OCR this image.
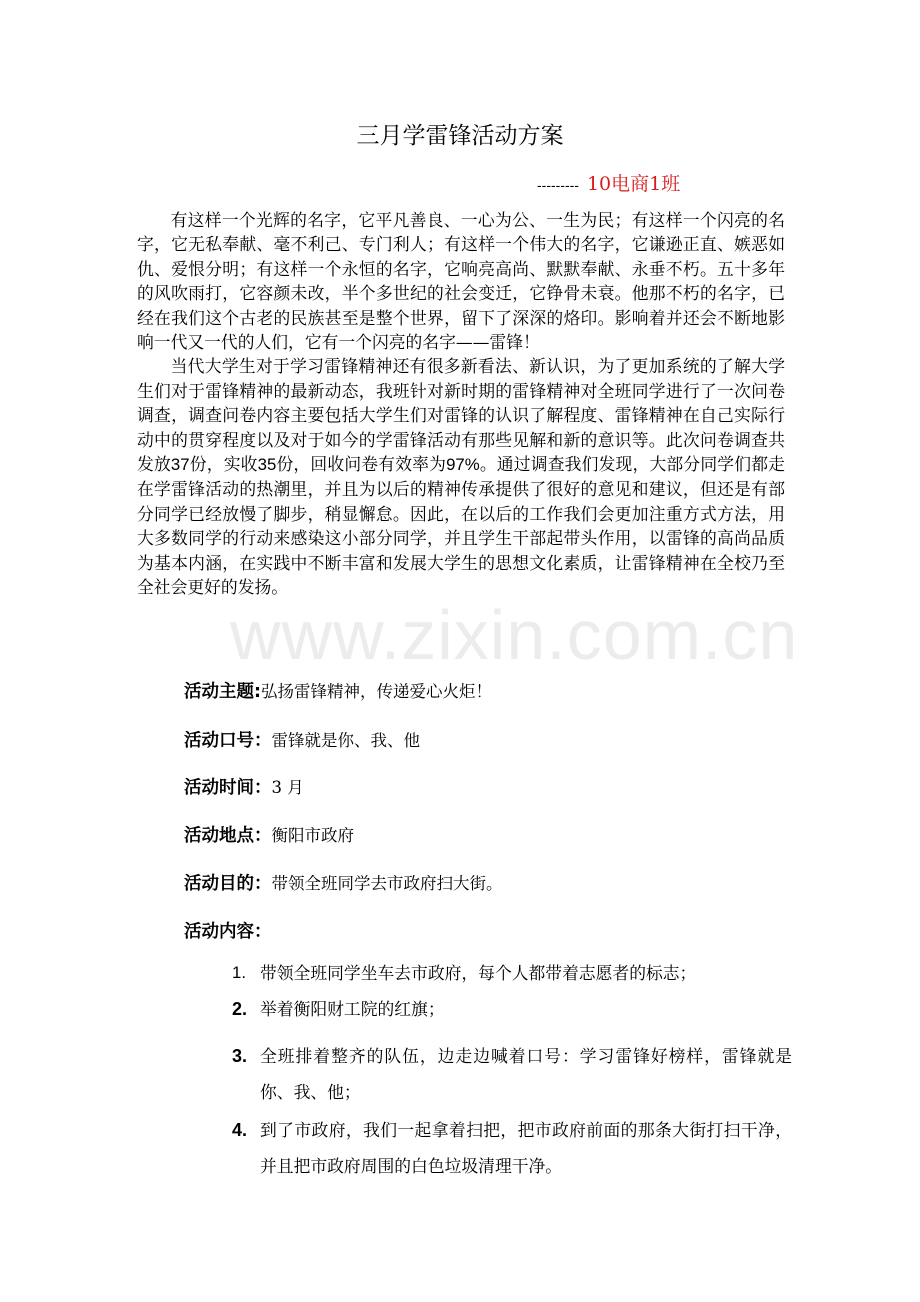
www.zixin.com.cn
三月学雷锋活动方案
--------- 10电商1班

有这样一个光辉的名字，它平凡善良、一心为公、一生为民；有这样一个闪亮的名字，它无私奉献、毫不利己、专门利人；有这样一个伟大的名字，它谦逊正直、嫉恶如仇、爱恨分明；有这样一个永恒的名字，它响亮高尚、默默奉献、永垂不朽。五十多年的风吹雨打，它容颜未改，半个多世纪的社会变迁，它铮骨未衰。他那不朽的名字，已经在我们这个古老的民族甚至是整个世界，留下了深深的烙印。影响着并还会不断地影响一代又一代的人们，它有一个闪亮的名字——雷锋！

当代大学生对于学习雷锋精神还有很多新看法、新认识，为了更加系统的了解大学生们对于雷锋精神的最新动态，我班针对新时期的雷锋精神对全班同学进行了一次问卷调查，调查问卷内容主要包括大学生们对雷锋的认识了解程度、雷锋精神在自己实际行动中的贯穿程度以及对于如今的学雷锋活动有那些见解和新的意识等。此次问卷调查共发放37份，实收35份，回收问卷有效率为97%。通过调查我们发现，大部分同学们都走在学雷锋活动的热潮里，并且为以后的精神传承提供了很好的意见和建议，但还是有部分同学已经放慢了脚步，稍显懈怠。因此，在以后的工作我们会更加注重方式方法，用大多数同学的行动来感染这小部分同学，并且学生干部起带头作用，以雷锋的高尚品质为基本内涵，在实践中不断丰富和发展大学生的思想文化素质，让雷锋精神在全校乃至全社会更好的发扬。

活动主题:弘扬雷锋精神，传递爱心火炬！
活动口号：雷锋就是你、我、他
活动时间：3 月
活动地点：衡阳市政府
活动目的：带领全班同学去市政府扫大街。
活动内容：
1. 带领全班同学坐车去市政府，每个人都带着志愿者的标志；
2. 举着衡阳财工院的红旗；
3. 全班排着整齐的队伍，边走边喊着口号：学习雷锋好榜样，雷锋就是你、我、他；
4. 到了市政府，我们一起拿着扫把，把市政府前面的那条大街打扫干净，并且把市政府周围的白色垃圾清理干净。
